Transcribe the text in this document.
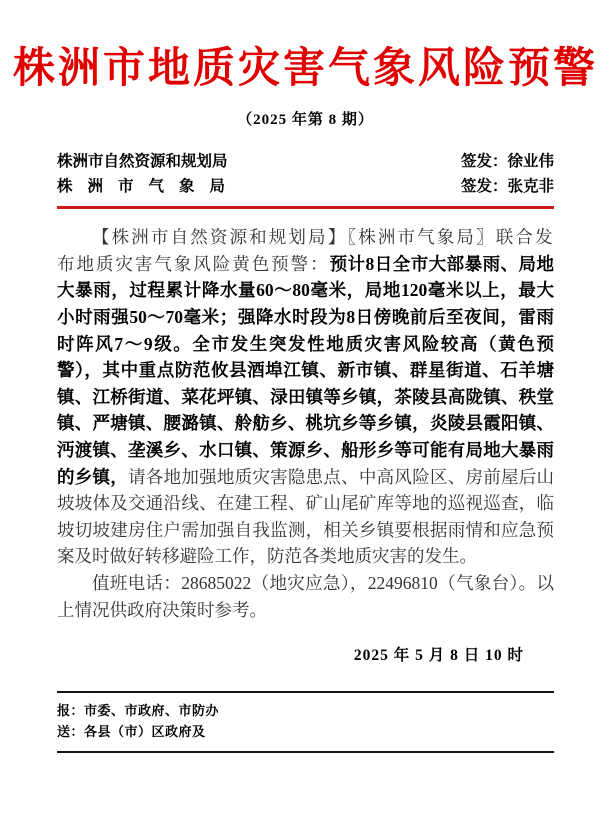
株洲市地质灾害气象风险预警
（2025 年第 8 期）
株洲市自然资源和规划局	签发：徐业伟
株洲市气象局	签发：张克非

【株洲市自然资源和规划局】〖株洲市气象局〗联合发布地质灾害气象风险黄色预警：预计8日全市大部暴雨、局地大暴雨，过程累计降水量60～80毫米，局地120毫米以上，最大小时雨强50～70毫米；强降水时段为8日傍晚前后至夜间，雷雨时阵风7～9级。全市发生突发性地质灾害风险较高（黄色预警），其中重点防范攸县酒埠江镇、新市镇、群星街道、石羊塘镇、江桥街道、菜花坪镇、渌田镇等乡镇，茶陵县高陇镇、秩堂镇、严塘镇、腰潞镇、舲舫乡、桃坑乡等乡镇，炎陵县霞阳镇、沔渡镇、垄溪乡、水口镇、策源乡、船形乡等可能有局地大暴雨的乡镇，请各地加强地质灾害隐患点、中高风险区、房前屋后山坡坡体及交通沿线、在建工程、矿山尾矿库等地的巡视巡查，临坡切坡建房住户需加强自我监测，相关乡镇要根据雨情和应急预案及时做好转移避险工作，防范各类地质灾害的发生。

值班电话：28685022（地灾应急），22496810（气象台）。以上情况供政府决策时参考。

2025 年 5 月 8 日 10 时
报：市委、市政府、市防办
送：各县（市）区政府及
